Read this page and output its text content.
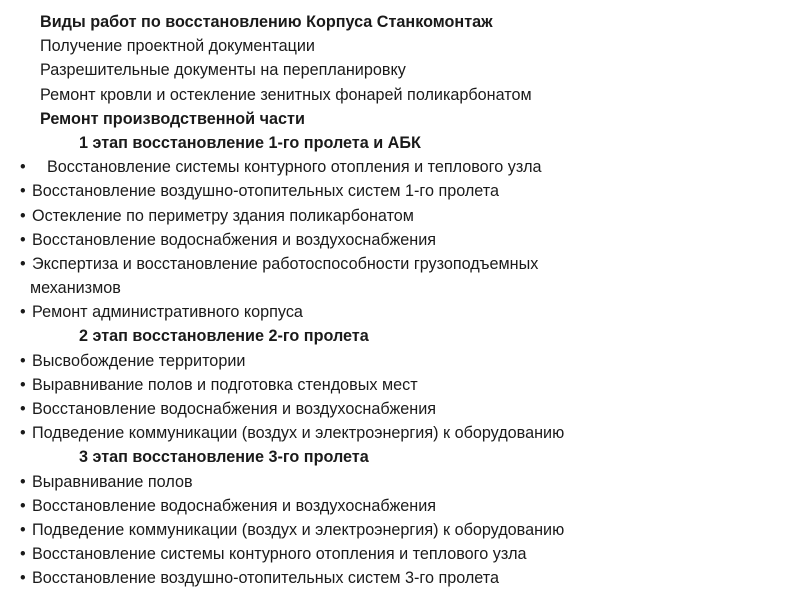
Виды работ по восстановлению Корпуса Станкомонтаж
Получение проектной документации
Разрешительные документы на перепланировку
Ремонт кровли и остекление зенитных фонарей поликарбонатом
Ремонт производственной части
1 этап восстановление 1-го пролета и АБК
• Восстановление системы контурного отопления и теплового узла
• Восстановление воздушно-отопительных систем 1-го пролета
• Остекление по периметру здания поликарбонатом
• Восстановление водоснабжения и воздухоснабжения
• Экспертиза и восстановление работоспособности грузоподъемных
механизмов
• Ремонт административного корпуса
2 этап восстановление 2-го пролета
• Высвобождение территории
• Выравнивание полов и подготовка стендовых мест
• Восстановление водоснабжения и воздухоснабжения
• Подведение коммуникации (воздух и электроэнергия) к оборудованию
3 этап восстановление 3-го пролета
• Выравнивание полов
• Восстановление водоснабжения и воздухоснабжения
• Подведение коммуникации (воздух и электроэнергия) к оборудованию
• Восстановление системы контурного отопления и теплового узла
• Восстановление воздушно-отопительных систем 3-го пролета
